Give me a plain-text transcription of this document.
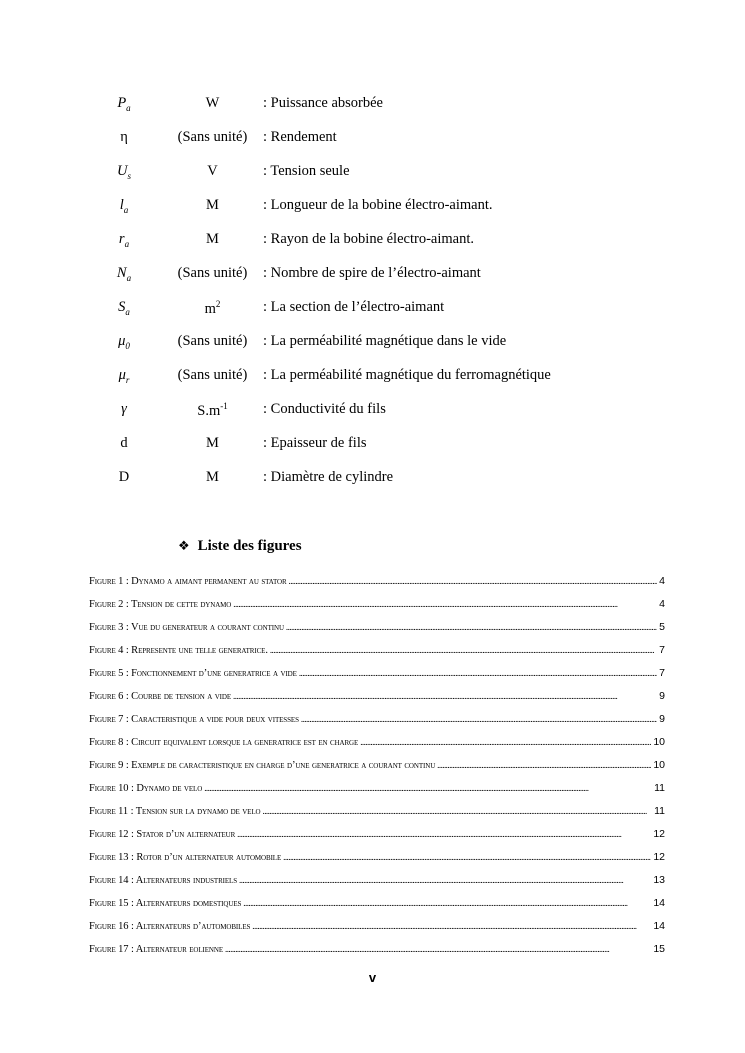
$P_a$	W	: Puissance absorbée
η	(Sans unité)	: Rendement
$U_s$	V	: Tension seule
$l_a$	M	: Longueur de la bobine électro-aimant.
$r_a$	M	: Rayon de la bobine électro-aimant.
$N_a$	(Sans unité)	: Nombre de spire de l’électro-aimant
$S_a$	$m^2$	: La section de l’électro-aimant
$\mu_0$	(Sans unité)	: La perméabilité magnétique dans le vide
$\mu_r$	(Sans unité)	: La perméabilité magnétique du ferromagnétique
γ	$S.m^{-1}$	: Conductivité du fils
d	M	: Epaisseur de fils
D	M	: Diamètre de cylindre
❖ Liste des figures
Figure 1 : Dynamo a aimant permanent au stator . . .	4
Figure 2 : Tension de cette dynamo . . .	4
Figure 3 : Vue du generateur a courant continu . . .	5
Figure 4 : Represente une telle generatrice. . . .	7
Figure 5 : Fonctionnement d’une generatrice a vide . . .	7
Figure 6 : Courbe de tension a vide . . .	9
Figure 7 : Caracteristique a vide pour deux vitesses . . .	9
Figure 8 : Circuit equivalent lorsque la generatrice est en charge . . .	10
Figure 9 : Exemple de caracteristique en charge d’une generatrice a courant continu . . .	10
Figure 10 : Dynamo de velo . . .	11
Figure 11 : Tension sur la dynamo de velo . . .	11
Figure 12 : Stator d’un alternateur . . .	12
Figure 13 : Rotor d’un alternateur automobile . . .	12
Figure 14 : Alternateurs industriels . . .	13
Figure 15 : Alternateurs domestiques . . .	14
Figure 16 : Alternateurs d’automobiles . . .	14
Figure 17 : Alternateur eolienne . . .	15
v
